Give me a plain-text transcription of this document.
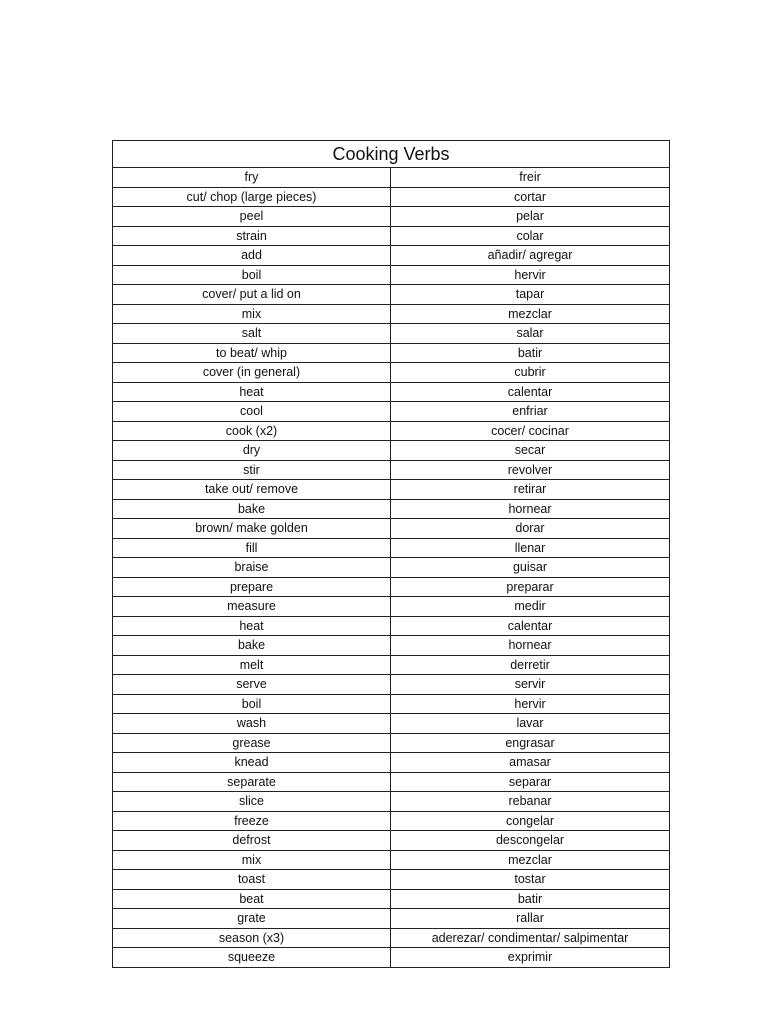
Cooking Verbs	
fry	freir
cut/ chop (large pieces)	cortar
peel	pelar
strain	colar
add	añadir/ agregar
boil	hervir
cover/ put a lid on	tapar
mix	mezclar
salt	salar
to beat/ whip	batir
cover (in general)	cubrir
heat	calentar
cool	enfriar
cook (x2)	cocer/ cocinar
dry	secar
stir	revolver
take out/ remove	retirar
bake	hornear
brown/ make golden	dorar
fill	llenar
braise	guisar
prepare	preparar
measure	medir
heat	calentar
bake	hornear
melt	derretir
serve	servir
boil	hervir
wash	lavar
grease	engrasar
knead	amasar
separate	separar
slice	rebanar
freeze	congelar
defrost	descongelar
mix	mezclar
toast	tostar
beat	batir
grate	rallar
season (x3)	aderezar/ condimentar/ salpimentar
squeeze	exprimir
